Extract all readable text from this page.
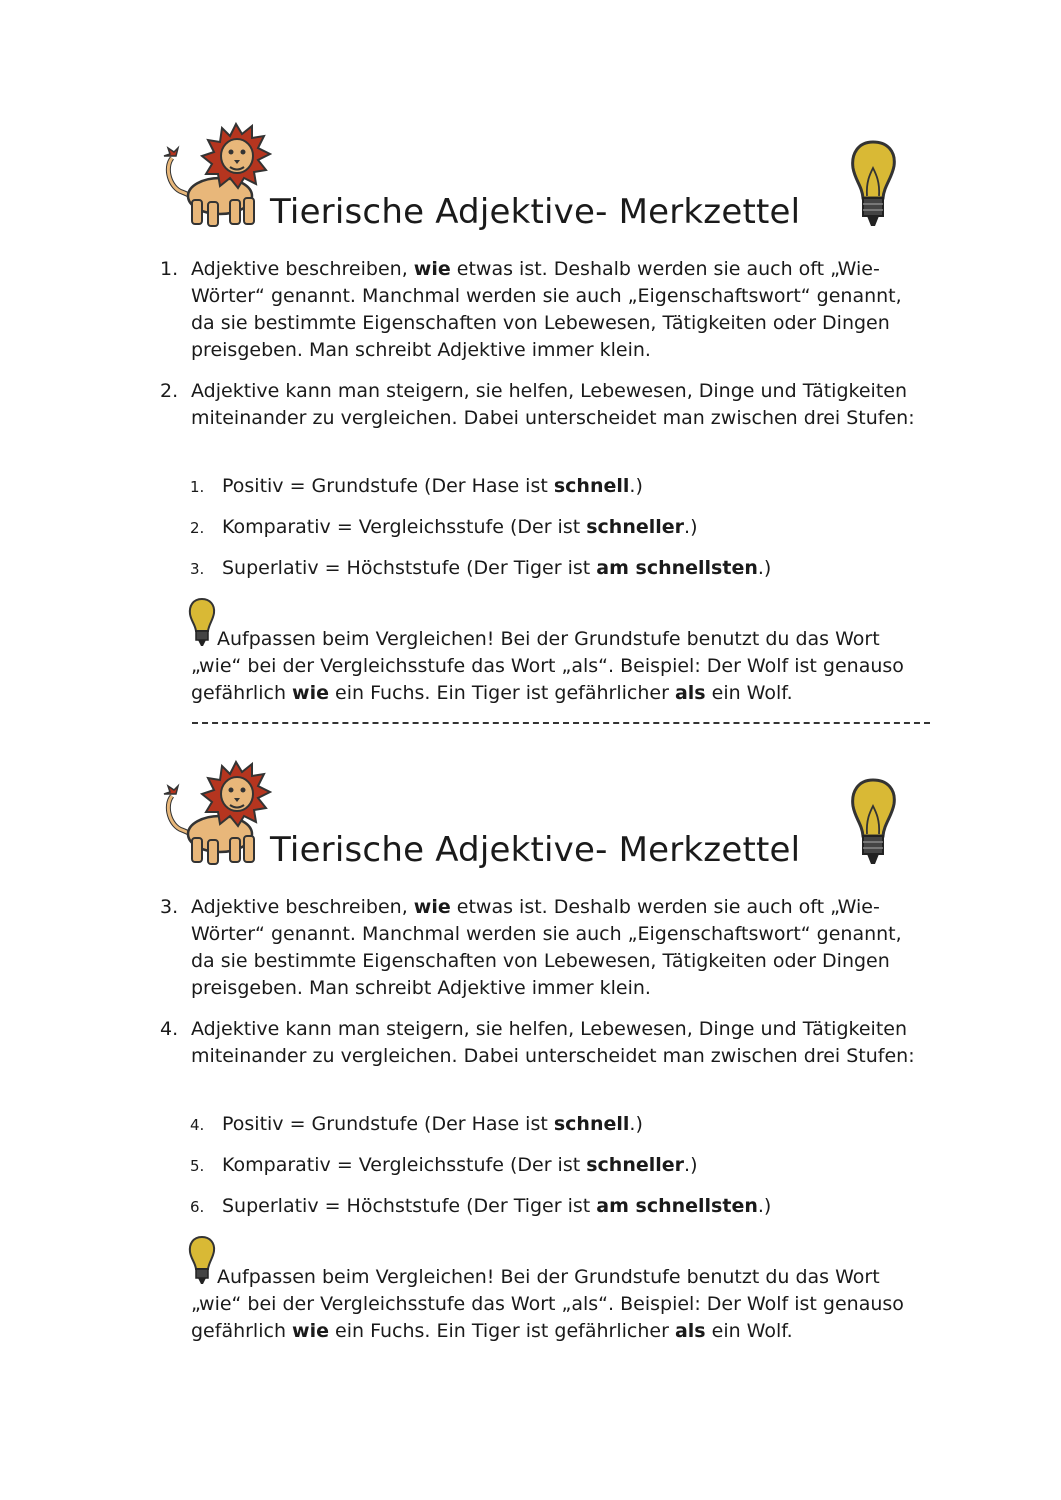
Tierische Adjektive- Merkzettel
1. Adjektive beschreiben, wie etwas ist. Deshalb werden sie auch oft „Wie-Wörter“ genannt. Manchmal werden sie auch „Eigenschaftswort“ genannt, da sie bestimmte Eigenschaften von Lebewesen, Tätigkeiten oder Dingen preisgeben. Man schreibt Adjektive immer klein.
2. Adjektive kann man steigern, sie helfen, Lebewesen, Dinge und Tätigkeiten miteinander zu vergleichen. Dabei unterscheidet man zwischen drei Stufen:
1. Positiv = Grundstufe (Der Hase ist schnell.)
2. Komparativ = Vergleichsstufe (Der ist schneller.)
3. Superlativ = Höchststufe (Der Tiger ist am schnellsten.)
Aufpassen beim Vergleichen! Bei der Grundstufe benutzt du das Wort „wie“ bei der Vergleichsstufe das Wort „als“. Beispiel: Der Wolf ist genauso gefährlich wie ein Fuchs. Ein Tiger ist gefährlicher als ein Wolf.
Tierische Adjektive- Merkzettel
3. Adjektive beschreiben, wie etwas ist. Deshalb werden sie auch oft „Wie-Wörter“ genannt. Manchmal werden sie auch „Eigenschaftswort“ genannt, da sie bestimmte Eigenschaften von Lebewesen, Tätigkeiten oder Dingen preisgeben. Man schreibt Adjektive immer klein.
4. Adjektive kann man steigern, sie helfen, Lebewesen, Dinge und Tätigkeiten miteinander zu vergleichen. Dabei unterscheidet man zwischen drei Stufen:
4. Positiv = Grundstufe (Der Hase ist schnell.)
5. Komparativ = Vergleichsstufe (Der ist schneller.)
6. Superlativ = Höchststufe (Der Tiger ist am schnellsten.)
Aufpassen beim Vergleichen! Bei der Grundstufe benutzt du das Wort „wie“ bei der Vergleichsstufe das Wort „als“. Beispiel: Der Wolf ist genauso gefährlich wie ein Fuchs. Ein Tiger ist gefährlicher als ein Wolf.
